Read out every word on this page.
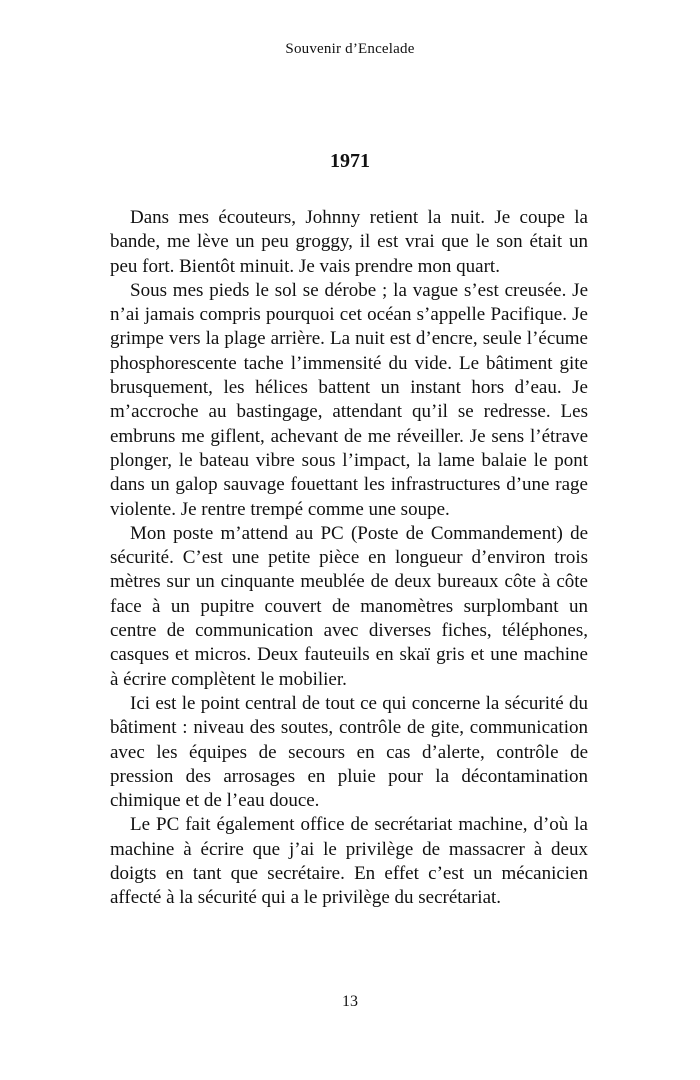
Souvenir d’Encelade
1971

Dans mes écouteurs, Johnny retient la nuit. Je coupe la bande, me lève un peu groggy, il est vrai que le son était un peu fort. Bientôt minuit. Je vais prendre mon quart.

Sous mes pieds le sol se dérobe ; la vague s’est creusée. Je n’ai jamais compris pourquoi cet océan s’appelle Pacifique. Je grimpe vers la plage arrière. La nuit est d’encre, seule l’écume phosphorescente tache l’immensité du vide. Le bâtiment gite brusquement, les hélices battent un instant hors d’eau. Je m’accroche au bastingage, attendant qu’il se redresse. Les embruns me giflent, achevant de me réveiller. Je sens l’étrave plonger, le bateau vibre sous l’impact, la lame balaie le pont dans un galop sauvage fouettant les infrastructures d’une rage violente. Je rentre trempé comme une soupe.

Mon poste m’attend au PC (Poste de Commandement) de sécurité. C’est une petite pièce en longueur d’environ trois mètres sur un cinquante meublée de deux bureaux côte à côte face à un pupitre couvert de manomètres surplombant un centre de communication avec diverses fiches, téléphones, casques et micros. Deux fauteuils en skaï gris et une machine à écrire complètent le mobilier.

Ici est le point central de tout ce qui concerne la sécurité du bâtiment : niveau des soutes, contrôle de gite, communication avec les équipes de secours en cas d’alerte, contrôle de pression des arrosages en pluie pour la décontamination chimique et de l’eau douce.

Le PC fait également office de secrétariat machine, d’où la machine à écrire que j’ai le privilège de massacrer à deux doigts en tant que secrétaire. En effet c’est un mécanicien affecté à la sécurité qui a le privilège du secrétariat.

13
